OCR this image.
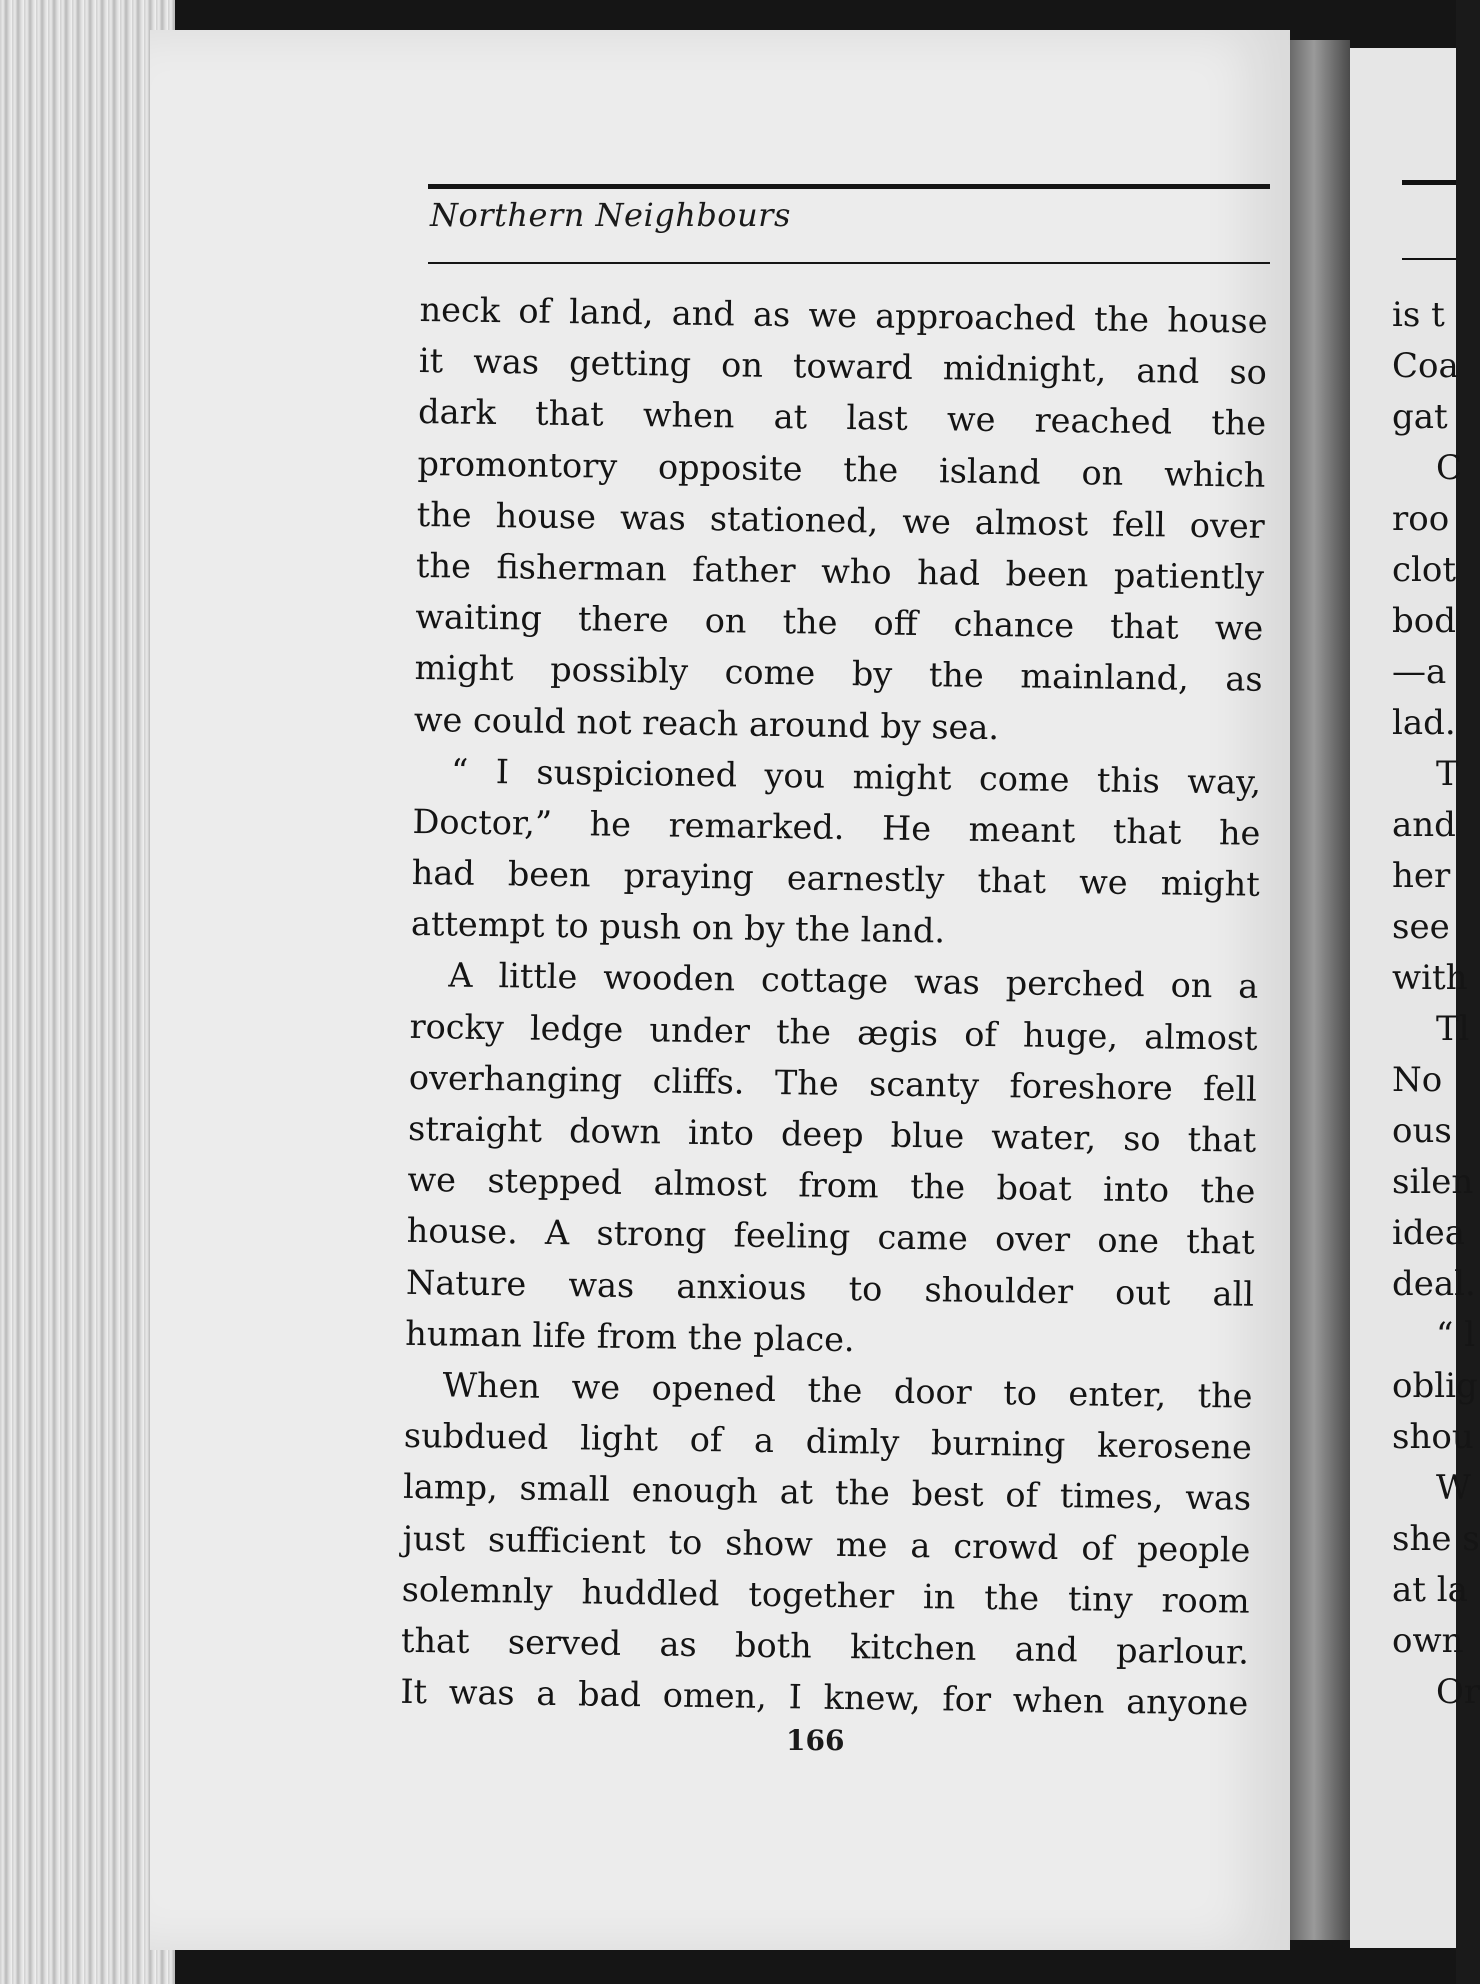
is t
Coa
gat
C
roo
clot
bod
—a
lad.
T
and
her
see
with
Tl
No
ous
silen
idea
deal.
“ l
oblig
shou
W
she s
at la
own
Or
Northern Neighbours
neck of land, and as we approached the house
it was getting on toward midnight, and so
dark that when at last we reached the
promontory opposite the island on which
the house was stationed, we almost fell over
the fisherman father who had been patiently
waiting there on the off chance that we
might possibly come by the mainland, as
we could not reach around by sea.
“ I suspicioned you might come this way,
Doctor,” he remarked. He meant that he
had been praying earnestly that we might
attempt to push on by the land.
A little wooden cottage was perched on a
rocky ledge under the ægis of huge, almost
overhanging cliffs. The scanty foreshore fell
straight down into deep blue water, so that
we stepped almost from the boat into the
house. A strong feeling came over one that
Nature was anxious to shoulder out all
human life from the place.
When we opened the door to enter, the
subdued light of a dimly burning kerosene
lamp, small enough at the best of times, was
just sufficient to show me a crowd of people
solemnly huddled together in the tiny room
that served as both kitchen and parlour.
It was a bad omen, I knew, for when anyone
166
